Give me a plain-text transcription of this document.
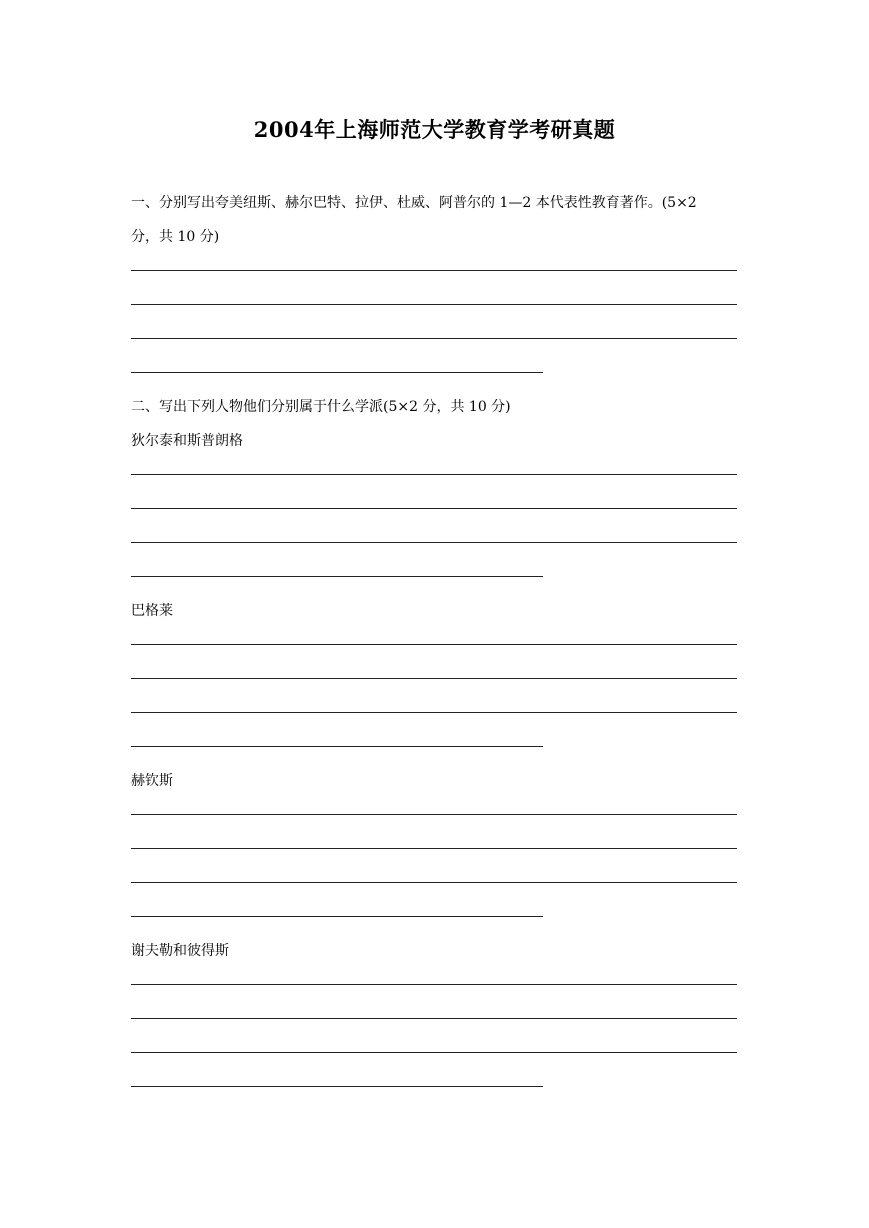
2004年上海师范大学教育学考研真题
一、分别写出夸美纽斯、赫尔巴特、拉伊、杜威、阿普尔的 1—2 本代表性教育著作。(5×2
分，共 10 分)
二、写出下列人物他们分别属于什么学派(5×2 分，共 10 分)
狄尔泰和斯普朗格
巴格莱
赫钦斯
谢夫勒和彼得斯
